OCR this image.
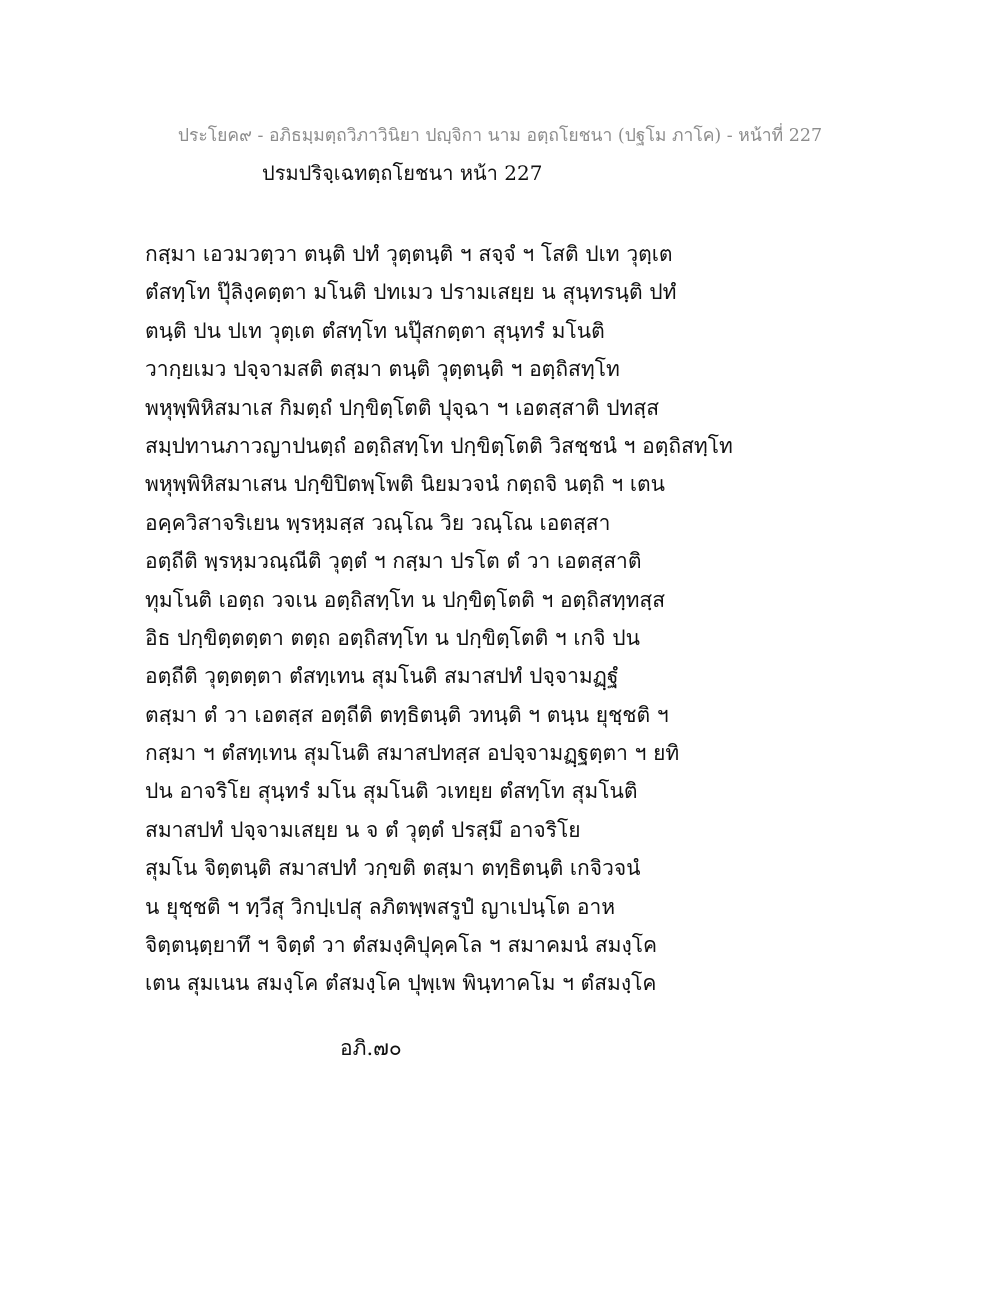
ประโยค๙ - อภิธมฺมตฺถวิภาวินิยา ปญฺจิกา นาม อตฺถโยชนา (ปฐโม ภาโค) - หน้าที่ 227
ปรมปริจฺเฉทตฺถโยชนา หน้า 227
กสฺมา เอวมวตฺวา ตนฺติ ปทํ วุตฺตนฺติ ฯ สจฺจํ ฯ โสติ ปเท วุตฺเต
ตํสทฺโท ปุ๊ลิงฺคตฺตา มโนติ ปทเมว ปรามเสยฺย น สุนฺทรนฺติ ปทํ
ตนฺติ ปน ปเท วุตฺเต ตํสทฺโท นปุ๊สกตฺตา สุนฺทรํ มโนติ
วากฺยเมว ปจฺจามสติ ตสฺมา ตนฺติ วุตฺตนฺติ ฯ อตฺถิสทฺโท
พหุพฺพิหิสมาเส กิมตฺถํ ปกฺขิตฺโตติ ปุจฺฉา ฯ เอตสฺสาติ ปทสฺส
สมฺปทานภาวญาปนตฺถํ อตฺถิสทฺโท ปกฺขิตฺโตติ วิสชฺชนํ ฯ อตฺถิสทฺโท
พหุพฺพิหิสมาเสน ปกฺขิปิตพฺโพติ นิยมวจนํ กตฺถจิ นตฺถิ ฯ เตน
อคฺควิสาจริเยน พฺรหฺมสฺส วณฺโณ วิย วณฺโณ เอตสฺสา
อตฺถีติ พฺรหฺมวณฺณีติ วุตฺตํ ฯ กสฺมา ปรโต ตํ วา เอตสฺสาติ
ทุมโนติ เอตฺถ วจเน อตฺถิสทฺโท น ปกฺขิตฺโตติ ฯ อตฺถิสทฺทสฺส
อิธ ปกฺขิตฺตตฺตา ตตฺถ อตฺถิสทฺโท น ปกฺขิตฺโตติ ฯ เกจิ ปน
อตฺถีติ วุตฺตตฺตา ตํสทฺเทน สุมโนติ สมาสปทํ ปจฺจามฏฺฐํ
ตสฺมา ตํ วา เอตสฺส อตฺถีติ ตทฺธิตนฺติ วทนฺติ ฯ ตนฺน ยุชฺชติ ฯ
กสฺมา ฯ ตํสทฺเทน สุมโนติ สมาสปทสฺส อปจฺจามฏฺฐตฺตา ฯ ยทิ
ปน อาจริโย สุนฺทรํ มโน สุมโนติ วเทยฺย ตํสทฺโท สุมโนติ
สมาสปทํ ปจฺจามเสยฺย น จ ตํ วุตฺตํ ปรสฺมึ อาจริโย
สุมโน จิตฺตนฺติ สมาสปทํ วกฺขติ ตสฺมา ตทฺธิตนฺติ เกจิวจนํ
น ยุชฺชติ ฯ ทฺวีสุ วิกปฺเปสุ ลภิตพฺพสรูปํ ญาเปนฺโต อาห
จิตฺตนฺตฺยาทึ ฯ จิตฺตํ วา ตํสมงฺคิปุคฺคโล ฯ สมาคมนํ สมงฺโค
เตน สุมเนน สมงฺโค ตํสมงฺโค ปุพฺเพ พินฺทาคโม ฯ ตํสมงฺโค
อภิ.๗๐
